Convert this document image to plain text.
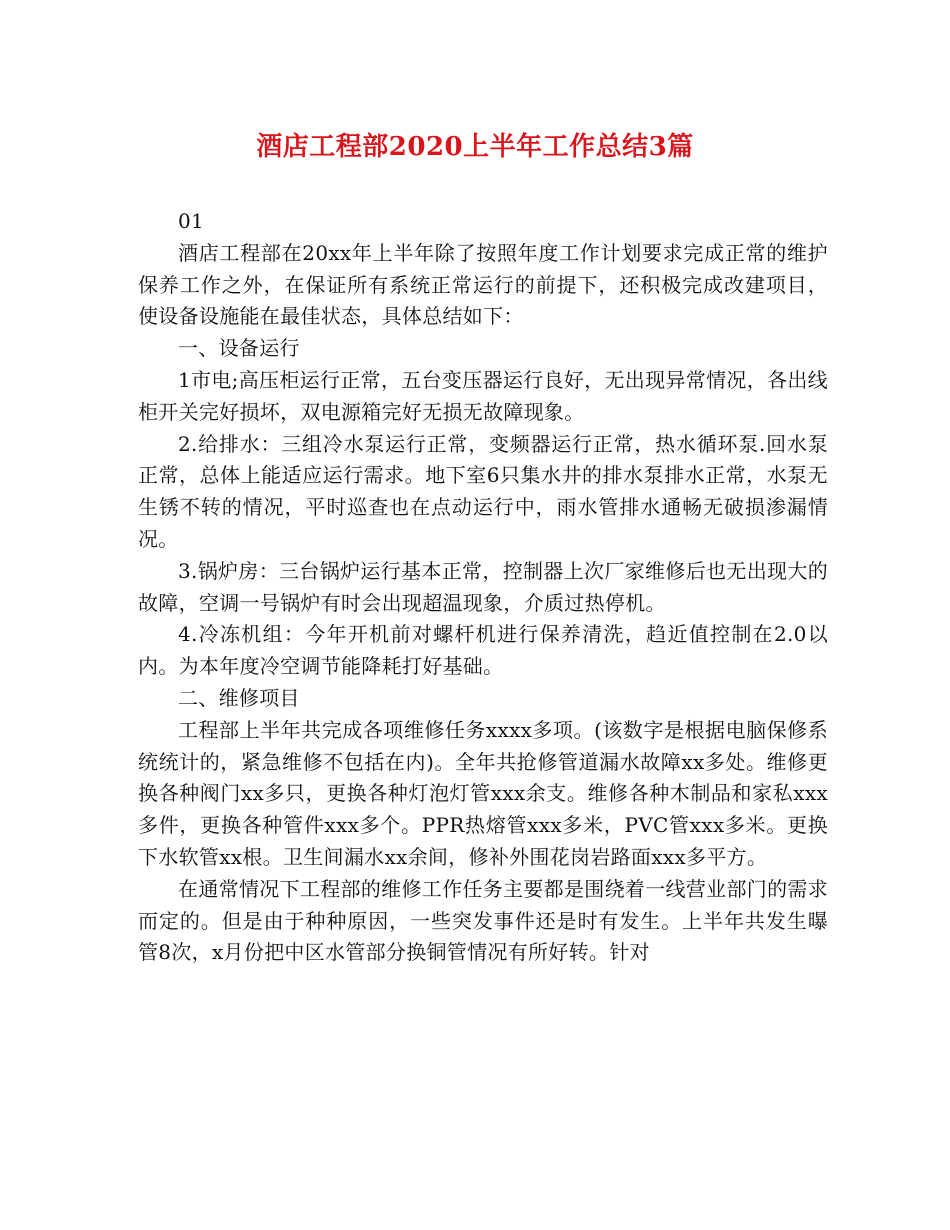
酒店工程部2020上半年工作总结3篇

01

酒店工程部在20xx年上半年除了按照年度工作计划要求完成正常的维护保养工作之外，在保证所有系统正常运行的前提下，还积极完成改建项目，使设备设施能在最佳状态，具体总结如下：

一、设备运行

1市电;高压柜运行正常，五台变压器运行良好，无出现异常情况，各出线柜开关完好损坏，双电源箱完好无损无故障现象。

2.给排水：三组冷水泵运行正常，变频器运行正常，热水循环泵.回水泵正常，总体上能适应运行需求。地下室6只集水井的排水泵排水正常，水泵无生锈不转的情况，平时巡查也在点动运行中，雨水管排水通畅无破损渗漏情况。

3.锅炉房：三台锅炉运行基本正常，控制器上次厂家维修后也无出现大的故障，空调一号锅炉有时会出现超温现象，介质过热停机。

4.冷冻机组：今年开机前对螺杆机进行保养清洗，趋近值控制在2.0以内。为本年度冷空调节能降耗打好基础。

二、维修项目

工程部上半年共完成各项维修任务xxxx多项。(该数字是根据电脑保修系统统计的，紧急维修不包括在内)。全年共抢修管道漏水故障xx多处。维修更换各种阀门xx多只，更换各种灯泡灯管xxx余支。维修各种木制品和家私xxx多件，更换各种管件xxx多个。PPR热熔管xxx多米，PVC管xxx多米。更换下水软管xx根。卫生间漏水xx余间，修补外围花岗岩路面xxx多平方。

在通常情况下工程部的维修工作任务主要都是围绕着一线营业部门的需求而定的。但是由于种种原因，一些突发事件还是时有发生。上半年共发生曝管8次，x月份把中区水管部分换铜管情况有所好转。针对
